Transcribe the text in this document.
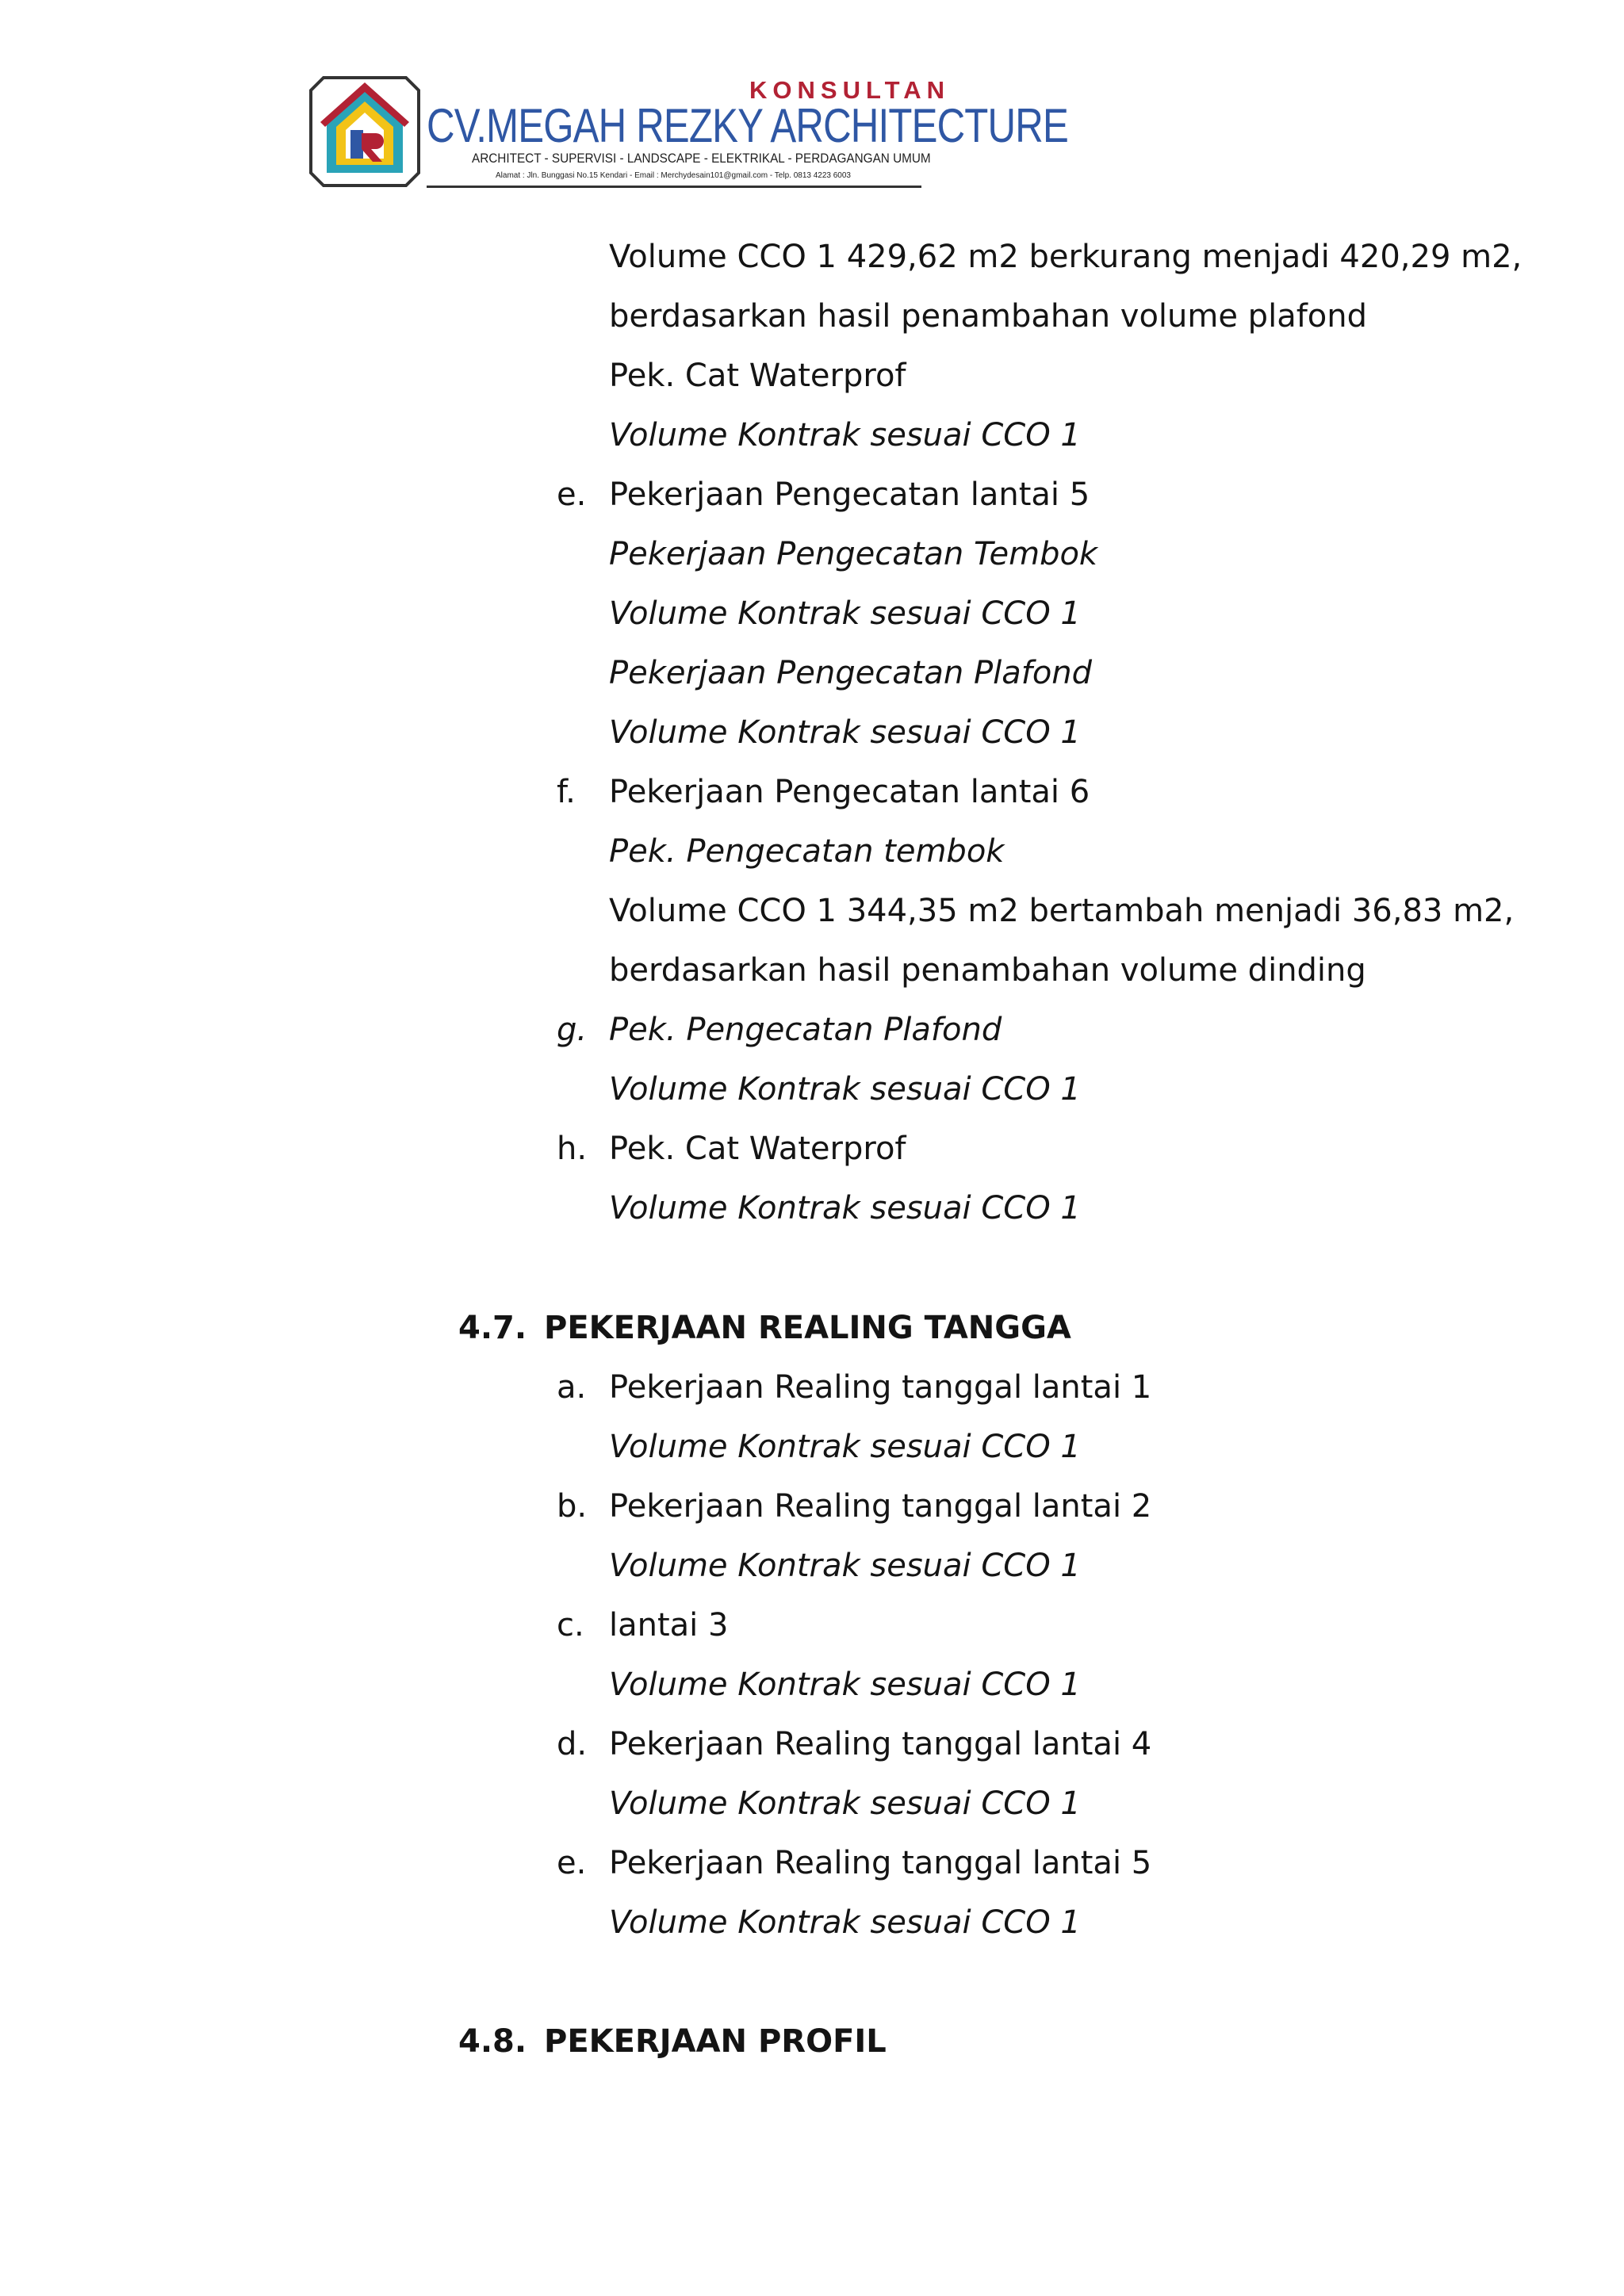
KONSULTAN
CV.MEGAH REZKY ARCHITECTURE
ARCHITECT - SUPERVISI - LANDSCAPE - ELEKTRIKAL - PERDAGANGAN UMUM
Alamat : Jln. Bunggasi No.15 Kendari - Email : Merchydesain101@gmail.com - Telp. 0813 4223 6003
Volume CCO 1 429,62 m2 berkurang menjadi 420,29 m2,
berdasarkan hasil penambahan volume plafond
Pek. Cat Waterprof
Volume Kontrak sesuai CCO 1
e. Pekerjaan Pengecatan lantai 5
Pekerjaan Pengecatan Tembok
Volume Kontrak sesuai CCO 1
Pekerjaan Pengecatan Plafond
Volume Kontrak sesuai CCO 1
f. Pekerjaan Pengecatan lantai 6
Pek. Pengecatan tembok
Volume CCO 1 344,35 m2 bertambah menjadi 36,83 m2,
berdasarkan hasil penambahan volume dinding
g. Pek. Pengecatan Plafond
Volume Kontrak sesuai CCO 1
h. Pek. Cat Waterprof
Volume Kontrak sesuai CCO 1
4.7. PEKERJAAN REALING TANGGA
a. Pekerjaan Realing tanggal lantai 1
Volume Kontrak sesuai CCO 1
b. Pekerjaan Realing tanggal lantai 2
Volume Kontrak sesuai CCO 1
c. lantai 3
Volume Kontrak sesuai CCO 1
d. Pekerjaan Realing tanggal lantai 4
Volume Kontrak sesuai CCO 1
e. Pekerjaan Realing tanggal lantai 5
Volume Kontrak sesuai CCO 1
4.8. PEKERJAAN PROFIL
